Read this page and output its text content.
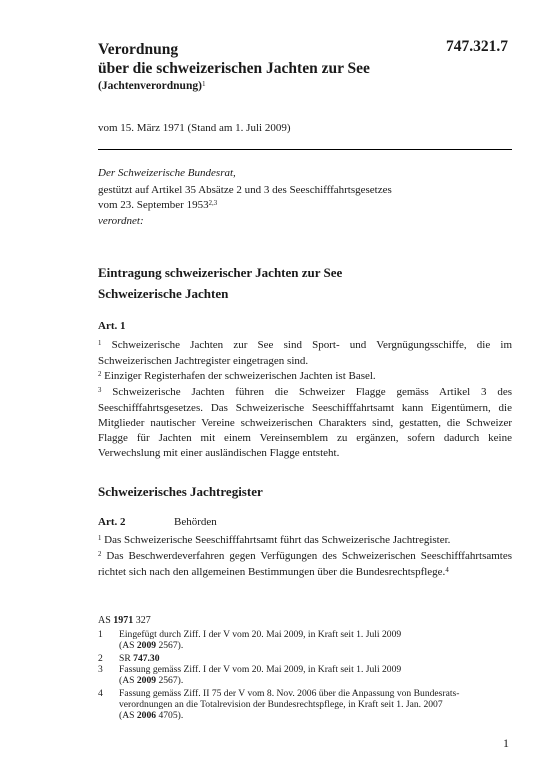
747.321.7
Verordnung
über die schweizerischen Jachten zur See
(Jachtenverordnung)$^1$
vom 15. März 1971 (Stand am 1. Juli 2009)
Der Schweizerische Bundesrat,
gestützt auf Artikel 35 Absätze 2 und 3 des Seeschifffahrtsgesetzes
vom 23. September 1953$^{2,3}$
verordnet:
Eintragung schweizerischer Jachten zur See
Schweizerische Jachten
Art. 1
$^1$ Schweizerische Jachten zur See sind Sport- und Vergnügungsschiffe, die im Schweizerischen Jachtregister eingetragen sind.
$^2$ Einziger Registerhafen der schweizerischen Jachten ist Basel.
$^3$ Schweizerische Jachten führen die Schweizer Flagge gemäss Artikel 3 des Seeschifffahrtsgesetzes. Das Schweizerische Seeschifffahrtsamt kann Eigentümern, die Mitglieder nautischer Vereine schweizerischen Charakters sind, gestatten, die Schweizer Flagge für Jachten mit einem Vereinsemblem zu ergänzen, sofern dadurch keine Verwechslung mit einer ausländischen Flagge entsteht.
Schweizerisches Jachtregister
Art. 2	Behörden
$^1$ Das Schweizerische Seeschifffahrtsamt führt das Schweizerische Jachtregister.
$^2$ Das Beschwerdeverfahren gegen Verfügungen des Schweizerischen Seeschifffahrtsamtes richtet sich nach den allgemeinen Bestimmungen über die Bundesrechtspflege.$^4$
AS 1971 327
1 Eingefügt durch Ziff. I der V vom 20. Mai 2009, in Kraft seit 1. Juli 2009
(AS 2009 2567).
2 SR 747.30
3 Fassung gemäss Ziff. I der V vom 20. Mai 2009, in Kraft seit 1. Juli 2009
(AS 2009 2567).
4 Fassung gemäss Ziff. II 75 der V vom 8. Nov. 2006 über die Anpassung von Bundesrats-
verordnungen an die Totalrevision der Bundesrechtspflege, in Kraft seit 1. Jan. 2007
(AS 2006 4705).
1
